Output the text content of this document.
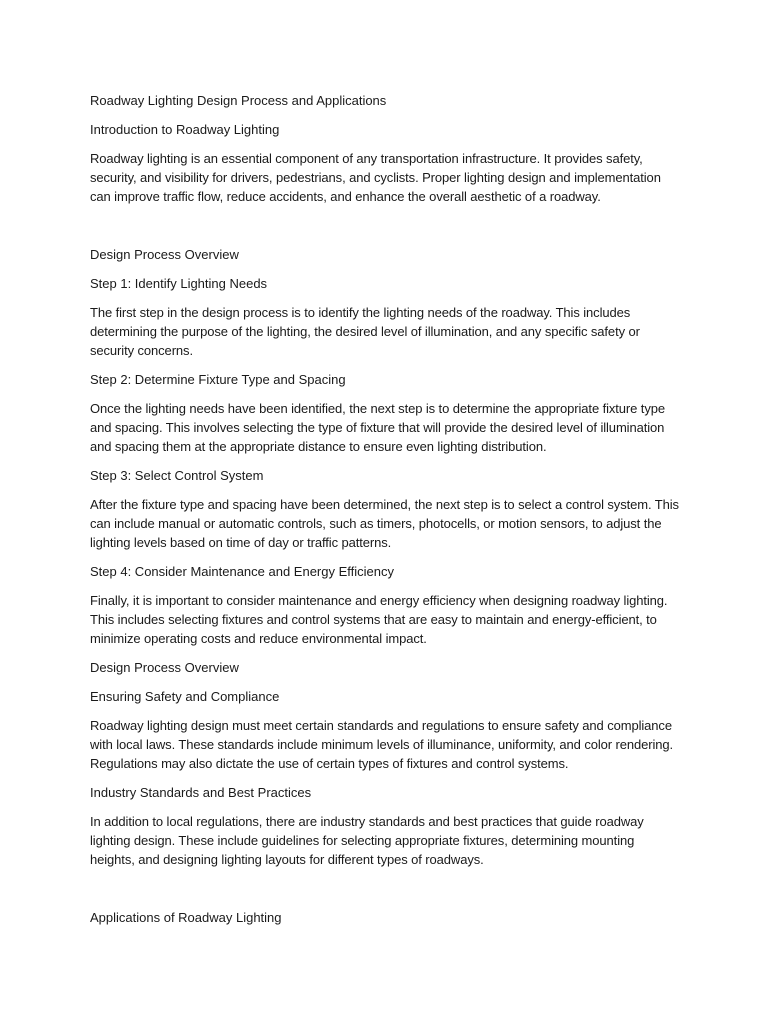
Roadway Lighting Design Process and Applications

Introduction to Roadway Lighting

Roadway lighting is an essential component of any transportation infrastructure. It provides safety,

security, and visibility for drivers, pedestrians, and cyclists. Proper lighting design and implementation

can improve traffic flow, reduce accidents, and enhance the overall aesthetic of a roadway.

Design Process Overview

Step 1: Identify Lighting Needs

The first step in the design process is to identify the lighting needs of the roadway. This includes

determining the purpose of the lighting, the desired level of illumination, and any specific safety or

security concerns.

Step 2: Determine Fixture Type and Spacing

Once the lighting needs have been identified, the next step is to determine the appropriate fixture type

and spacing. This involves selecting the type of fixture that will provide the desired level of illumination

and spacing them at the appropriate distance to ensure even lighting distribution.

Step 3: Select Control System

After the fixture type and spacing have been determined, the next step is to select a control system. This

can include manual or automatic controls, such as timers, photocells, or motion sensors, to adjust the

lighting levels based on time of day or traffic patterns.

Step 4: Consider Maintenance and Energy Efficiency

Finally, it is important to consider maintenance and energy efficiency when designing roadway lighting.

This includes selecting fixtures and control systems that are easy to maintain and energy-efficient, to

minimize operating costs and reduce environmental impact.

Design Process Overview

Ensuring Safety and Compliance

Roadway lighting design must meet certain standards and regulations to ensure safety and compliance

with local laws. These standards include minimum levels of illuminance, uniformity, and color rendering.

Regulations may also dictate the use of certain types of fixtures and control systems.

Industry Standards and Best Practices

In addition to local regulations, there are industry standards and best practices that guide roadway

lighting design. These include guidelines for selecting appropriate fixtures, determining mounting

heights, and designing lighting layouts for different types of roadways.

Applications of Roadway Lighting
